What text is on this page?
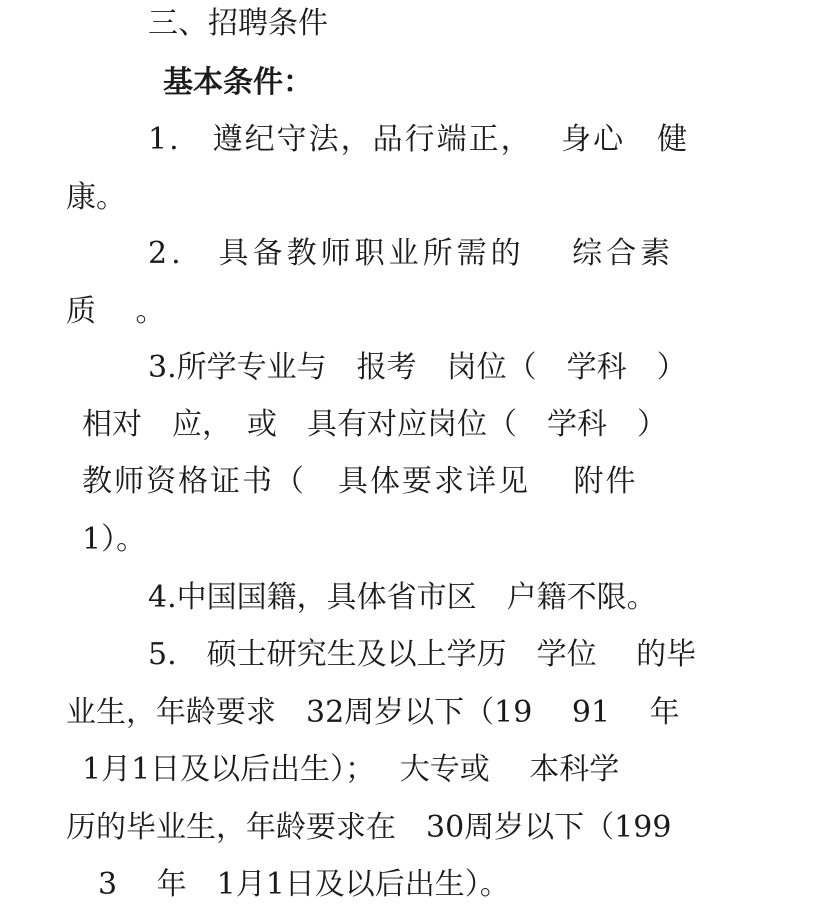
三、招聘条件
基本条件：
1.　遵纪守法，品行端正，　 身心　健
康。
2.　具备教师职业所需的　 综合素
质　 。
3.所学专业与　报考　岗位（　学科　）
相对　应，　或　具有对应岗位（　学科　）
教师资格证书（　具体要求详见　 附件
1）。
4.中国国籍，具体省市区　户籍不限。
5.　硕士研究生及以上学历　学位　 的毕
业生，年龄要求　32周岁以下（19　 91　 年
1月1日及以后出生）；　 大专或　 本科学
历的毕业生，年龄要求在　30周岁以下（199
3　 年　1月1日及以后出生）。
